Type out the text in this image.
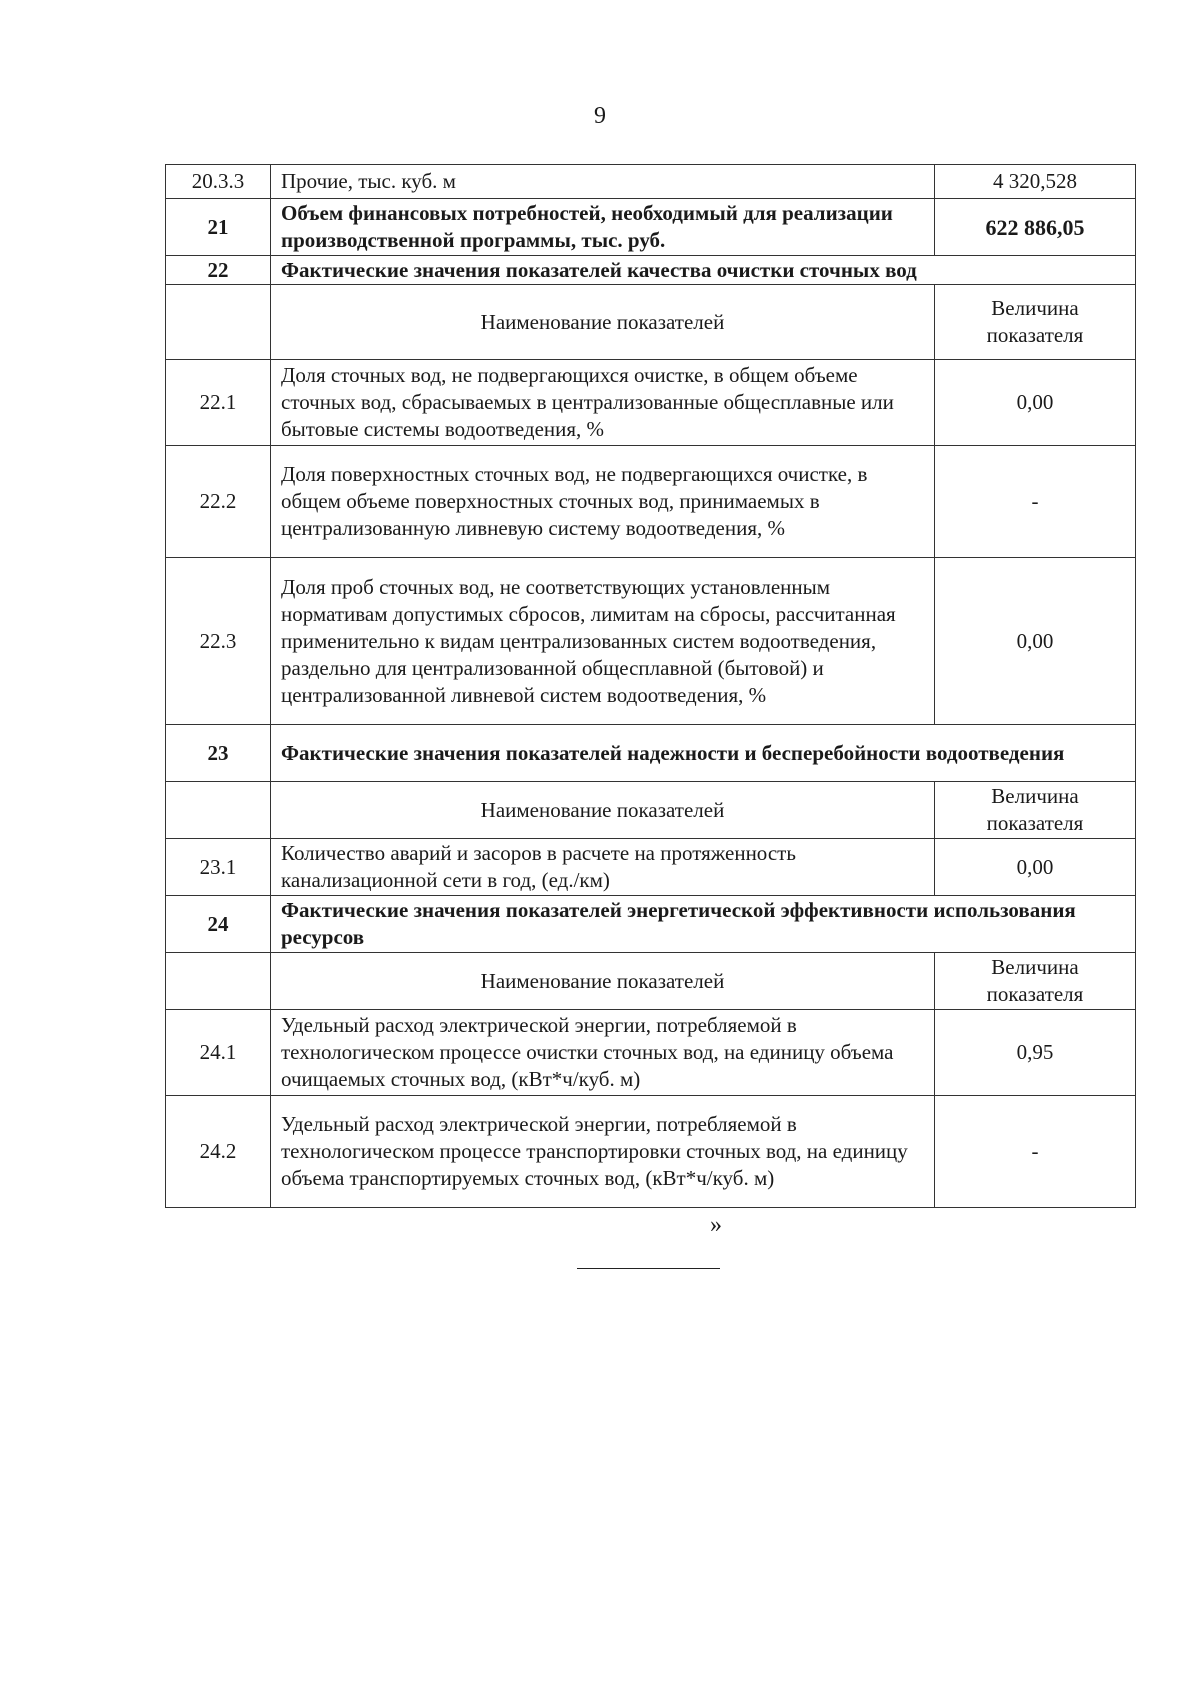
9
20.3.3	Прочие, тыс. куб. м	4 320,528
21	Объем финансовых потребностей, необходимый для реализации производственной программы, тыс. руб.	622 886,05
22	Фактические значения показателей качества очистки сточных вод	
	Наименование показателей	Величина показателя
22.1	Доля сточных вод, не подвергающихся очистке, в общем объеме сточных вод, сбрасываемых в централизованные общесплавные или бытовые системы водоотведения, %	0,00
22.2	Доля поверхностных сточных вод, не подвергающихся очистке, в общем объеме поверхностных сточных вод, принимаемых в централизованную ливневую систему водоотведения, %	-
22.3	Доля проб сточных вод, не соответствующих установленным нормативам допустимых сбросов, лимитам на сбросы, рассчитанная применительно к видам централизованных систем водоотведения, раздельно для централизованной общесплавной (бытовой) и централизованной ливневой систем водоотведения, %	0,00
23	Фактические значения показателей надежности и бесперебойности водоотведения	
	Наименование показателей	Величина показателя
23.1	Количество аварий и засоров в расчете на протяженность канализационной сети в год, (ед./км)	0,00
24	Фактические значения показателей энергетической эффективности использования ресурсов	
	Наименование показателей	Величина показателя
24.1	Удельный расход электрической энергии, потребляемой в технологическом процессе очистки сточных вод, на единицу объема очищаемых сточных вод, (кВт*ч/куб. м)	0,95
24.2	Удельный расход электрической энергии, потребляемой в технологическом процессе транспортировки сточных вод, на единицу объема транспортируемых сточных вод, (кВт*ч/куб. м)	-
»
